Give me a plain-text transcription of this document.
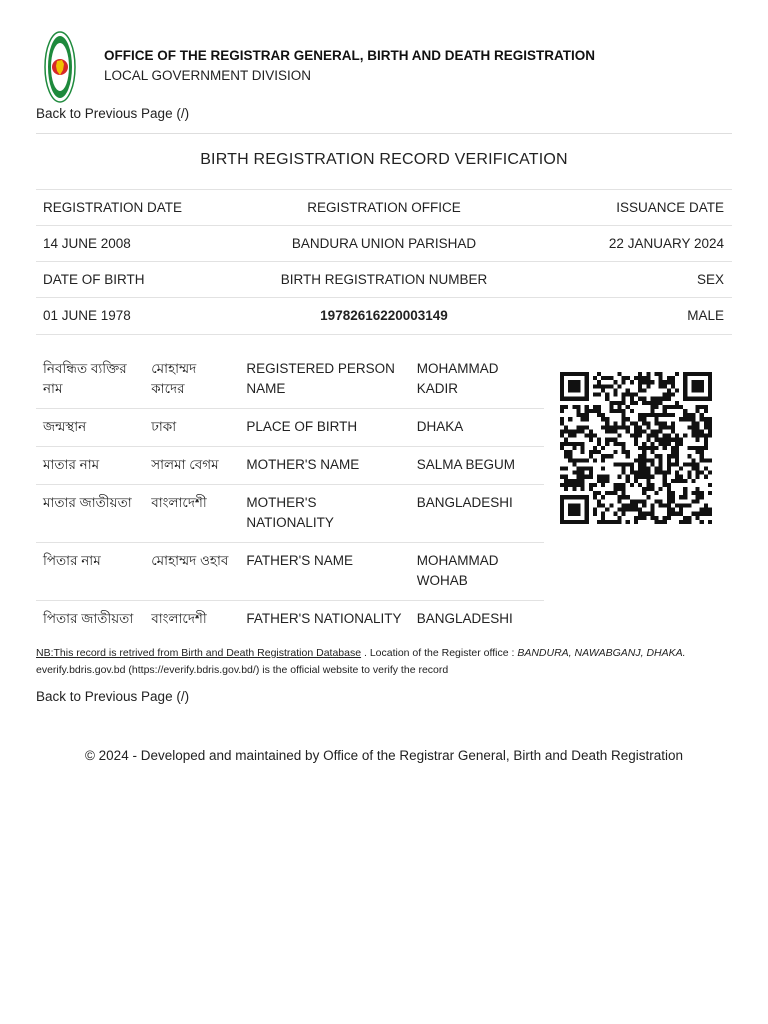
OFFICE OF THE REGISTRAR GENERAL, BIRTH AND DEATH REGISTRATION
LOCAL GOVERNMENT DIVISION
Back to Previous Page (/)
BIRTH REGISTRATION RECORD VERIFICATION
REGISTRATION DATE	REGISTRATION OFFICE	ISSUANCE DATE
14 JUNE 2008	BANDURA UNION PARISHAD	22 JANUARY 2024
DATE OF BIRTH	BIRTH REGISTRATION NUMBER	SEX
01 JUNE 1978	19782616220003149	MALE
নিবন্ধিত ব্যক্তির নাম	মোহাম্মদ কাদের	REGISTERED PERSON NAME	MOHAMMAD KADIR
জন্মস্থান	ঢাকা	PLACE OF BIRTH	DHAKA
মাতার নাম	সালমা বেগম	MOTHER'S NAME	SALMA BEGUM
মাতার জাতীয়তা	বাংলাদেশী	MOTHER'S NATIONALITY	BANGLADESHI
পিতার নাম	মোহাম্মদ ওহাব	FATHER'S NAME	MOHAMMAD WOHAB
পিতার জাতীয়তা	বাংলাদেশী	FATHER'S NATIONALITY	BANGLADESHI
NB:This record is retrived from Birth and Death Registration Database . Location of the Register office : BANDURA, NAWABGANJ, DHAKA.
everify.bdris.gov.bd (https://everify.bdris.gov.bd/) is the official website to verify the record
Back to Previous Page (/)
© 2024 - Developed and maintained by Office of the Registrar General, Birth and Death Registration
